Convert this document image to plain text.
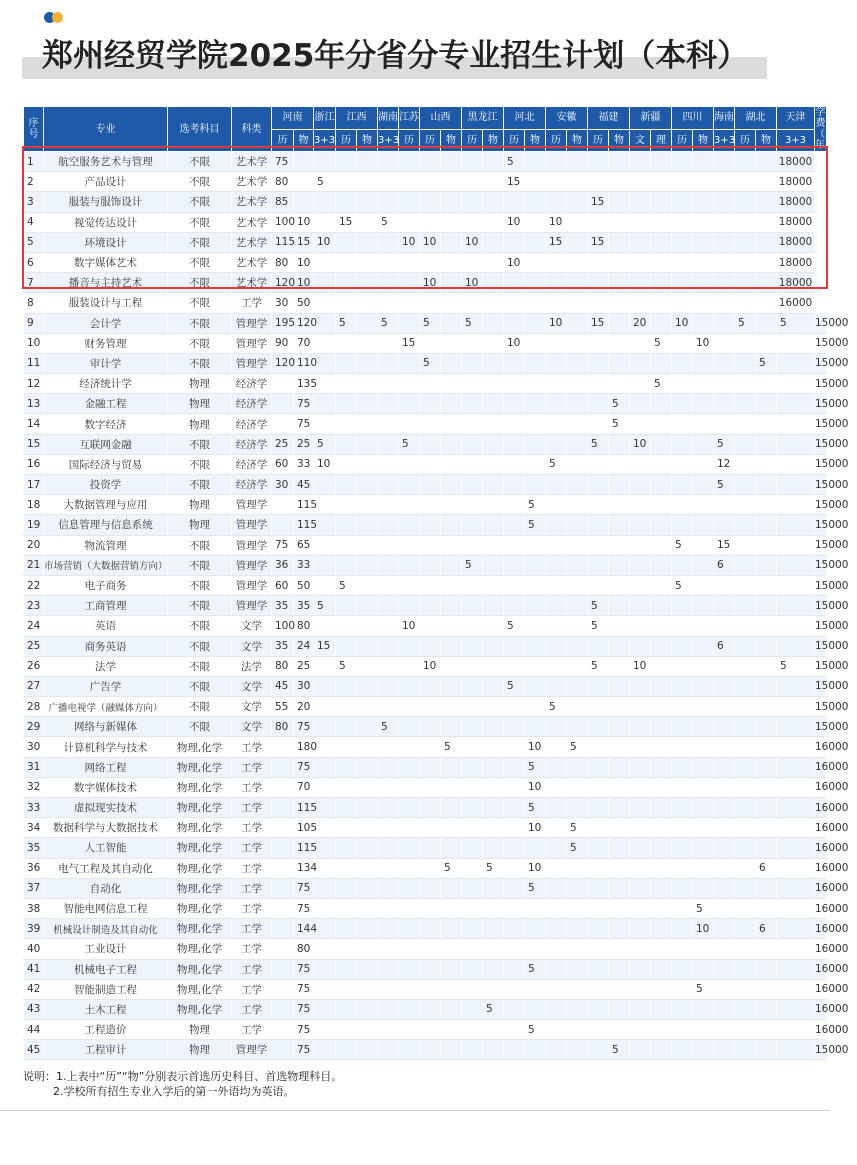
郑州经贸学院2025年分省分专业招生计划（本科）
序号	专业	选考科目	科类	河南		浙江	江西		湖南	江苏	山西		黑龙江		河北		安徽		福建		新疆		四川		海南	湖北		天津	学费（元/年）
				历	物	3+3	历	物	3+3	历	历	物	历	物	历	物	历	物	历	物	文	理	历	物	3+3	历	物	3+3	
1	航空服务艺术与管理	不限	艺术学	75											5													18000	
2	产品设计	不限	艺术学	80		5									15													18000	
3	服装与服饰设计	不限	艺术学	85															15									18000	
4	视觉传达设计	不限	艺术学	100	10		15		5						10		10											18000	
5	环境设计	不限	艺术学	115	15	10				10	10		10				15		15									18000	
6	数字媒体艺术	不限	艺术学	80	10										10													18000	
7	播音与主持艺术	不限	艺术学	120	10						10		10															18000	
8	服装设计与工程	不限	工学	30	50																							16000	
9	会计学	不限	管理学	195	120		5		5		5		5				10		15		20		10			5		5	15000
10	财务管理	不限	管理学	90	70					15					10							5		10					15000
11	审计学	不限	管理学	120	110						5																5		15000
12	经济统计学	物理	经济学		135																	5							15000
13	金融工程	物理	经济学		75															5									15000
14	数字经济	物理	经济学		75															5									15000
15	互联网金融	不限	经济学	25	25	5				5									5		10				5				15000
16	国际经济与贸易	不限	经济学	60	33	10											5								12				15000
17	投资学	不限	经济学	30	45																				5				15000
18	大数据管理与应用	物理	管理学		115											5													15000
19	信息管理与信息系统	物理	管理学		115											5													15000
20	物流管理	不限	管理学	75	65																		5		15				15000
21	市场营销（大数据营销方向）	不限	管理学	36	33								5												6				15000
22	电子商务	不限	管理学	60	50		5																5						15000
23	工商管理	不限	管理学	35	35	5													5										15000
24	英语	不限	文学	100	80					10					5				5										15000
25	商务英语	不限	文学	35	24	15																			6				15000
26	法学	不限	法学	80	25		5				10								5		10							5	15000
27	广告学	不限	文学	45	30										5														15000
28	广播电视学（融媒体方向）	不限	文学	55	20												5												15000
29	网络与新媒体	不限	文学	80	75				5																				15000
30	计算机科学与技术	物理,化学	工学		180							5				10		5											16000
31	网络工程	物理,化学	工学		75											5													16000
32	数字媒体技术	物理,化学	工学		70											10													16000
33	虚拟现实技术	物理,化学	工学		115											5													16000
34	数据科学与大数据技术	物理,化学	工学		105											10		5											16000
35	人工智能	物理,化学	工学		115													5											16000
36	电气工程及其自动化	物理,化学	工学		134							5		5		10											6		16000
37	自动化	物理,化学	工学		75											5													16000
38	智能电网信息工程	物理,化学	工学		75																			5					16000
39	机械设计制造及其自动化	物理,化学	工学		144																			10			6		16000
40	工业设计	物理,化学	工学		80																								16000
41	机械电子工程	物理,化学	工学		75											5													16000
42	智能制造工程	物理,化学	工学		75																			5					16000
43	土木工程	物理,化学	工学		75									5															16000
44	工程造价	物理	工学		75											5													16000
45	工程审计	物理	管理学		75															5									15000
说明：1.上表中“历”“物”分别表示首选历史科目、首选物理科目。
2.学校所有招生专业入学后的第一外语均为英语。
